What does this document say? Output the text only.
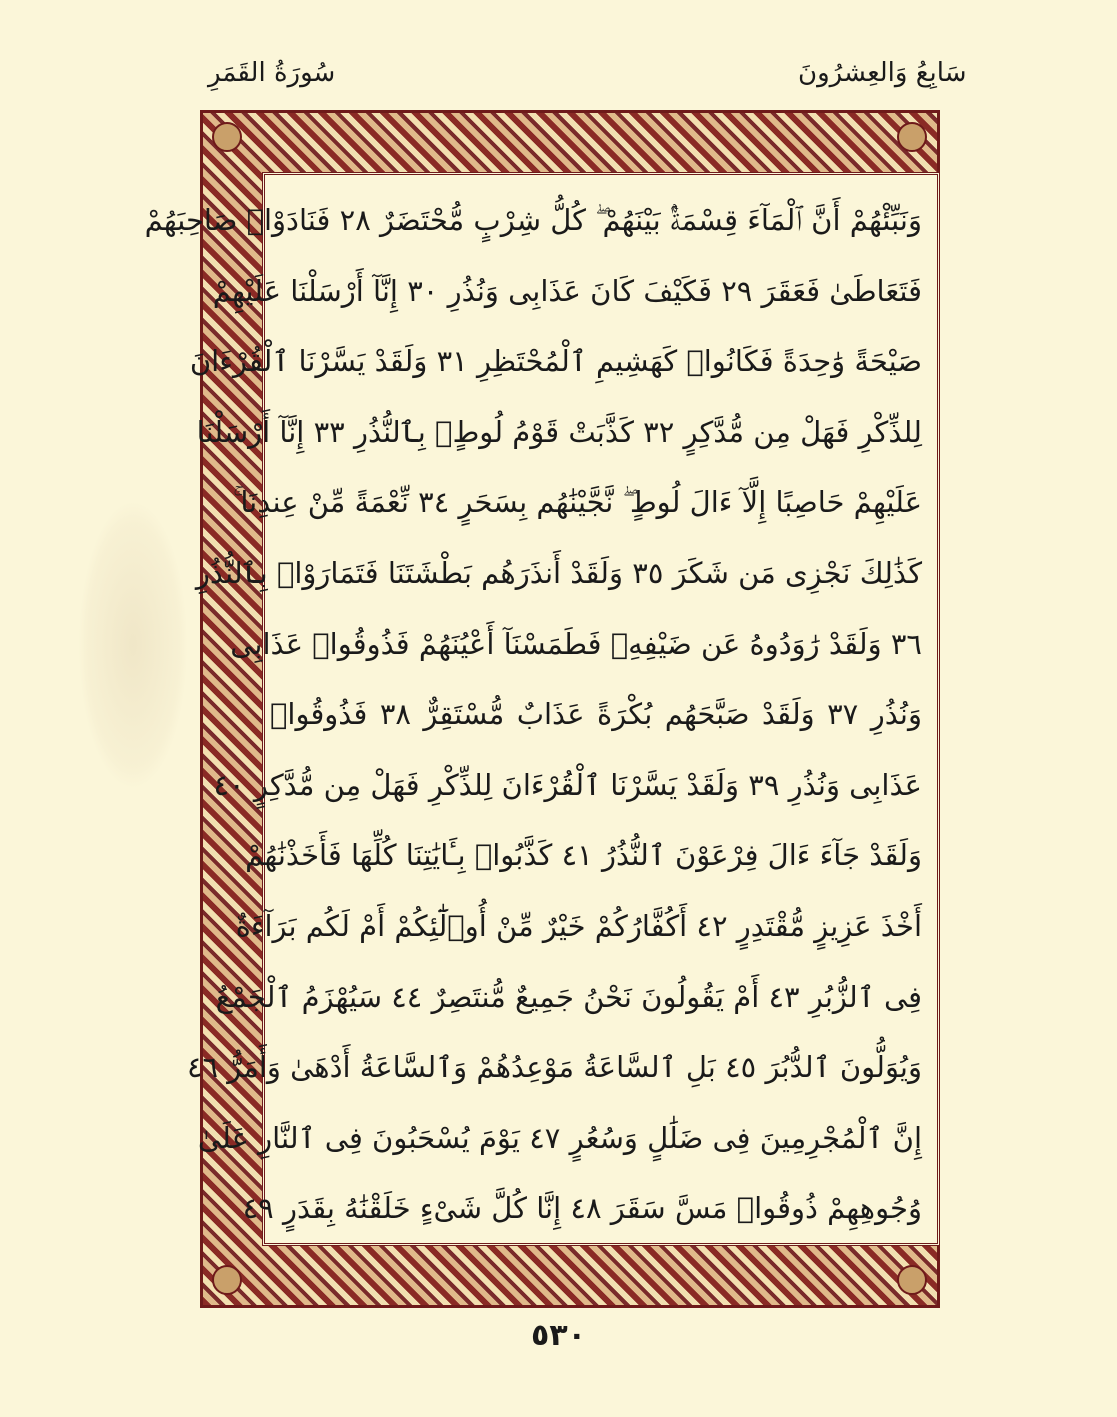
سُورَةُ القَمَرِ	سَابِعُ وَالعِشرُونَ
وَنَبِّئْهُمْ أَنَّ ٱلْمَآءَ قِسْمَةٌۢ بَيْنَهُمْ ۖ كُلُّ شِرْبٍ مُّحْتَضَرٌ ٢٨ فَنَادَوْا۟ صَاحِبَهُمْ
فَتَعَاطَىٰ فَعَقَرَ ٢٩ فَكَيْفَ كَانَ عَذَابِى وَنُذُرِ ٣٠ إِنَّآ أَرْسَلْنَا عَلَيْهِمْ
صَيْحَةً وَٰحِدَةً فَكَانُوا۟ كَهَشِيمِ ٱلْمُحْتَظِرِ ٣١ وَلَقَدْ يَسَّرْنَا ٱلْقُرْءَانَ
لِلذِّكْرِ فَهَلْ مِن مُّدَّكِرٍ ٣٢ كَذَّبَتْ قَوْمُ لُوطٍۭ بِٱلنُّذُرِ ٣٣ إِنَّآ أَرْسَلْنَا
عَلَيْهِمْ حَاصِبًا إِلَّآ ءَالَ لُوطٍ ۖ نَّجَّيْنَٰهُم بِسَحَرٍ ٣٤ نِّعْمَةً مِّنْ عِندِنَا ۚ
كَذَٰلِكَ نَجْزِى مَن شَكَرَ ٣٥ وَلَقَدْ أَنذَرَهُم بَطْشَتَنَا فَتَمَارَوْا۟ بِٱلنُّذُرِ
٣٦ وَلَقَدْ رَٰوَدُوهُ عَن ضَيْفِهِۦ فَطَمَسْنَآ أَعْيُنَهُمْ فَذُوقُوا۟ عَذَابِى
وَنُذُرِ ٣٧ وَلَقَدْ صَبَّحَهُم بُكْرَةً عَذَابٌ مُّسْتَقِرٌّ ٣٨ فَذُوقُوا۟
عَذَابِى وَنُذُرِ ٣٩ وَلَقَدْ يَسَّرْنَا ٱلْقُرْءَانَ لِلذِّكْرِ فَهَلْ مِن مُّدَّكِرٍ ٤٠
وَلَقَدْ جَآءَ ءَالَ فِرْعَوْنَ ٱلنُّذُرُ ٤١ كَذَّبُوا۟ بِـَٔايَٰتِنَا كُلِّهَا فَأَخَذْنَٰهُمْ
أَخْذَ عَزِيزٍ مُّقْتَدِرٍ ٤٢ أَكُفَّارُكُمْ خَيْرٌ مِّنْ أُو۟لَٰٓئِكُمْ أَمْ لَكُم بَرَآءَةٌ
فِى ٱلزُّبُرِ ٤٣ أَمْ يَقُولُونَ نَحْنُ جَمِيعٌ مُّنتَصِرٌ ٤٤ سَيُهْزَمُ ٱلْجَمْعُ
وَيُوَلُّونَ ٱلدُّبُرَ ٤٥ بَلِ ٱلسَّاعَةُ مَوْعِدُهُمْ وَٱلسَّاعَةُ أَدْهَىٰ وَأَمَرُّ ٤٦
إِنَّ ٱلْمُجْرِمِينَ فِى ضَلَٰلٍ وَسُعُرٍ ٤٧ يَوْمَ يُسْحَبُونَ فِى ٱلنَّارِ عَلَىٰ
وُجُوهِهِمْ ذُوقُوا۟ مَسَّ سَقَرَ ٤٨ إِنَّا كُلَّ شَىْءٍ خَلَقْنَٰهُ بِقَدَرٍ ٤٩
٥٣٠
